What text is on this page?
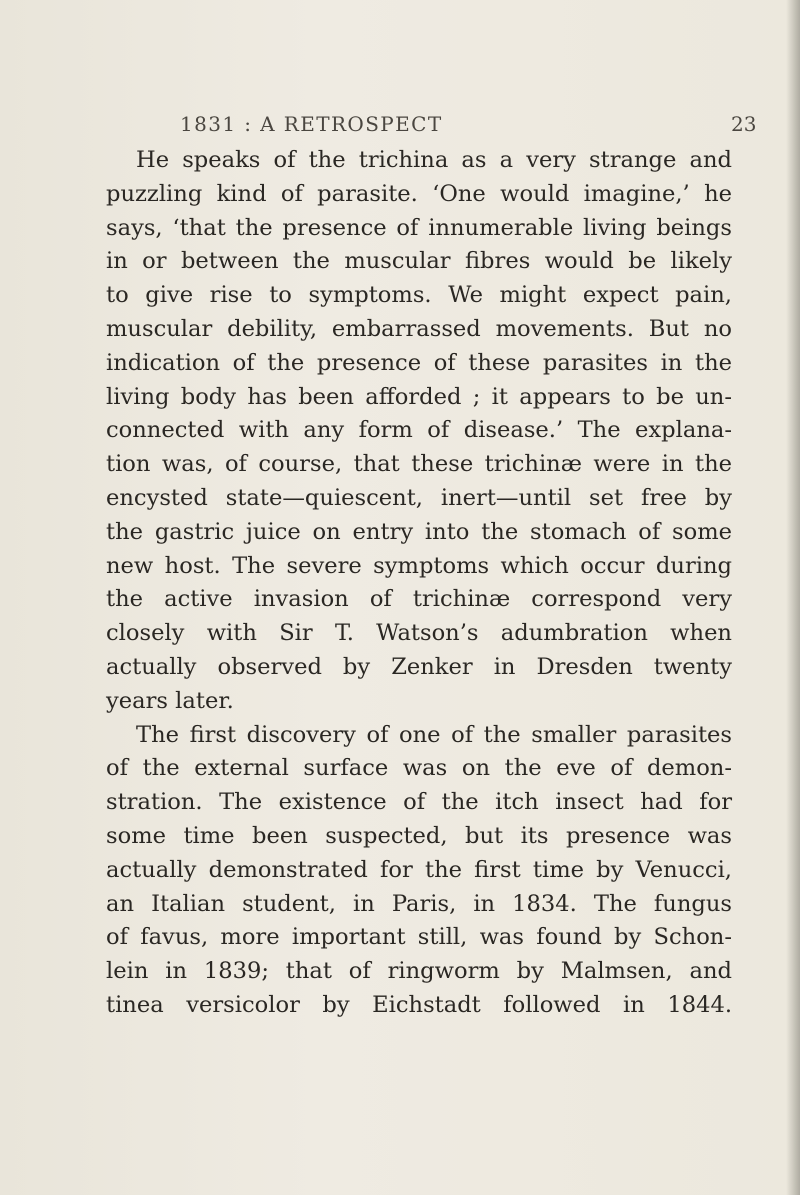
1831 : A RETROSPECT	23
He speaks of the trichina as a very strange and
puzzling kind of parasite. ‘One would imagine,’ he
says, ‘that the presence of innumerable living beings
in or between the muscular fibres would be likely
to give rise to symptoms. We might expect pain,
muscular debility, embarrassed movements. But no
indication of the presence of these parasites in the
living body has been afforded ; it appears to be un-
connected with any form of disease.’ The explana-
tion was, of course, that these trichinæ were in the
encysted state—quiescent, inert—until set free by
the gastric juice on entry into the stomach of some
new host. The severe symptoms which occur during
the active invasion of trichinæ correspond very
closely with Sir T. Watson’s adumbration when
actually observed by Zenker in Dresden twenty
years later.
The first discovery of one of the smaller parasites
of the external surface was on the eve of demon-
stration. The existence of the itch insect had for
some time been suspected, but its presence was
actually demonstrated for the first time by Venucci,
an Italian student, in Paris, in 1834. The fungus
of favus, more important still, was found by Schon-
lein in 1839; that of ringworm by Malmsen, and
tinea versicolor by Eichstadt followed in 1844.
